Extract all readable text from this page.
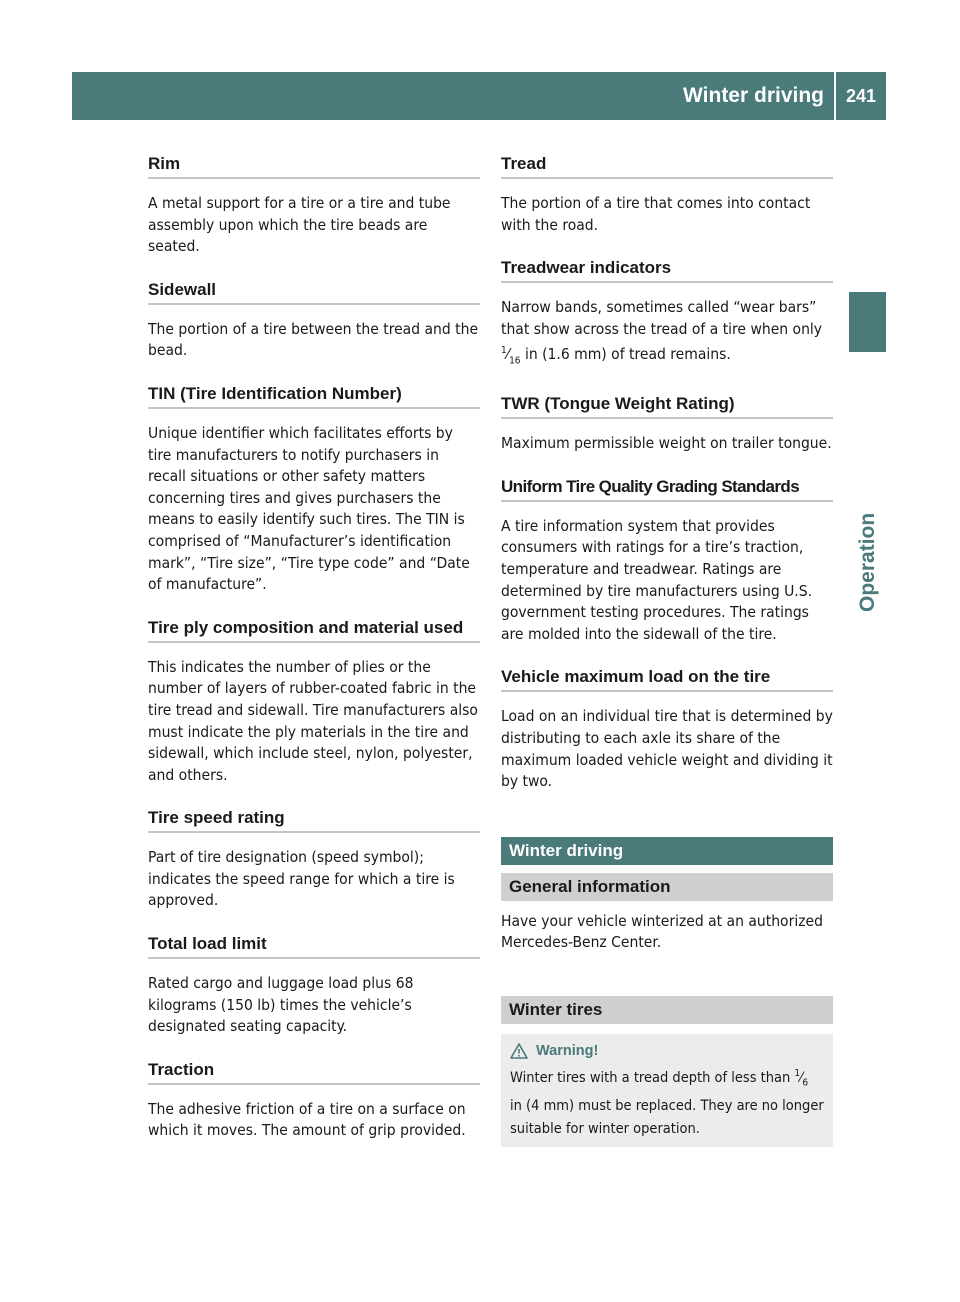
Winter driving	241
Operation
Rim
A metal support for a tire or a tire and tube assembly upon which the tire beads are seated.
Sidewall
The portion of a tire between the tread and the bead.
TIN (Tire Identification Number)
Unique identifier which facilitates efforts by tire manufacturers to notify purchasers in recall situations or other safety matters concerning tires and gives purchasers the means to easily identify such tires. The TIN is comprised of “Manufacturer’s identification mark”, “Tire size”, “Tire type code” and “Date of manufacture”.
Tire ply composition and material used
This indicates the number of plies or the number of layers of rubber-coated fabric in the tire tread and sidewall. Tire manufacturers also must indicate the ply materials in the tire and sidewall, which include steel, nylon, polyester, and others.
Tire speed rating
Part of tire designation (speed symbol); indicates the speed range for which a tire is approved.
Total load limit
Rated cargo and luggage load plus 68 kilograms (150 lb) times the vehicle’s designated seating capacity.
Traction
The adhesive friction of a tire on a surface on which it moves. The amount of grip provided.
Tread
The portion of a tire that comes into contact with the road.
Treadwear indicators
Narrow bands, sometimes called “wear bars” that show across the tread of a tire when only $^1⁄_{16}$ in (1.6 mm) of tread remains.
TWR (Tongue Weight Rating)
Maximum permissible weight on trailer tongue.
Uniform Tire Quality Grading Standards
A tire information system that provides consumers with ratings for a tire’s traction, temperature and treadwear. Ratings are determined by tire manufacturers using U.S. government testing procedures. The ratings are molded into the sidewall of the tire.
Vehicle maximum load on the tire
Load on an individual tire that is determined by distributing to each axle its share of the maximum loaded vehicle weight and dividing it by two.
Winter driving
General information
Have your vehicle winterized at an authorized Mercedes-Benz Center.
Winter tires
Warning!
Winter tires with a tread depth of less than $^1⁄_6$ in (4 mm) must be replaced. They are no longer suitable for winter operation.
